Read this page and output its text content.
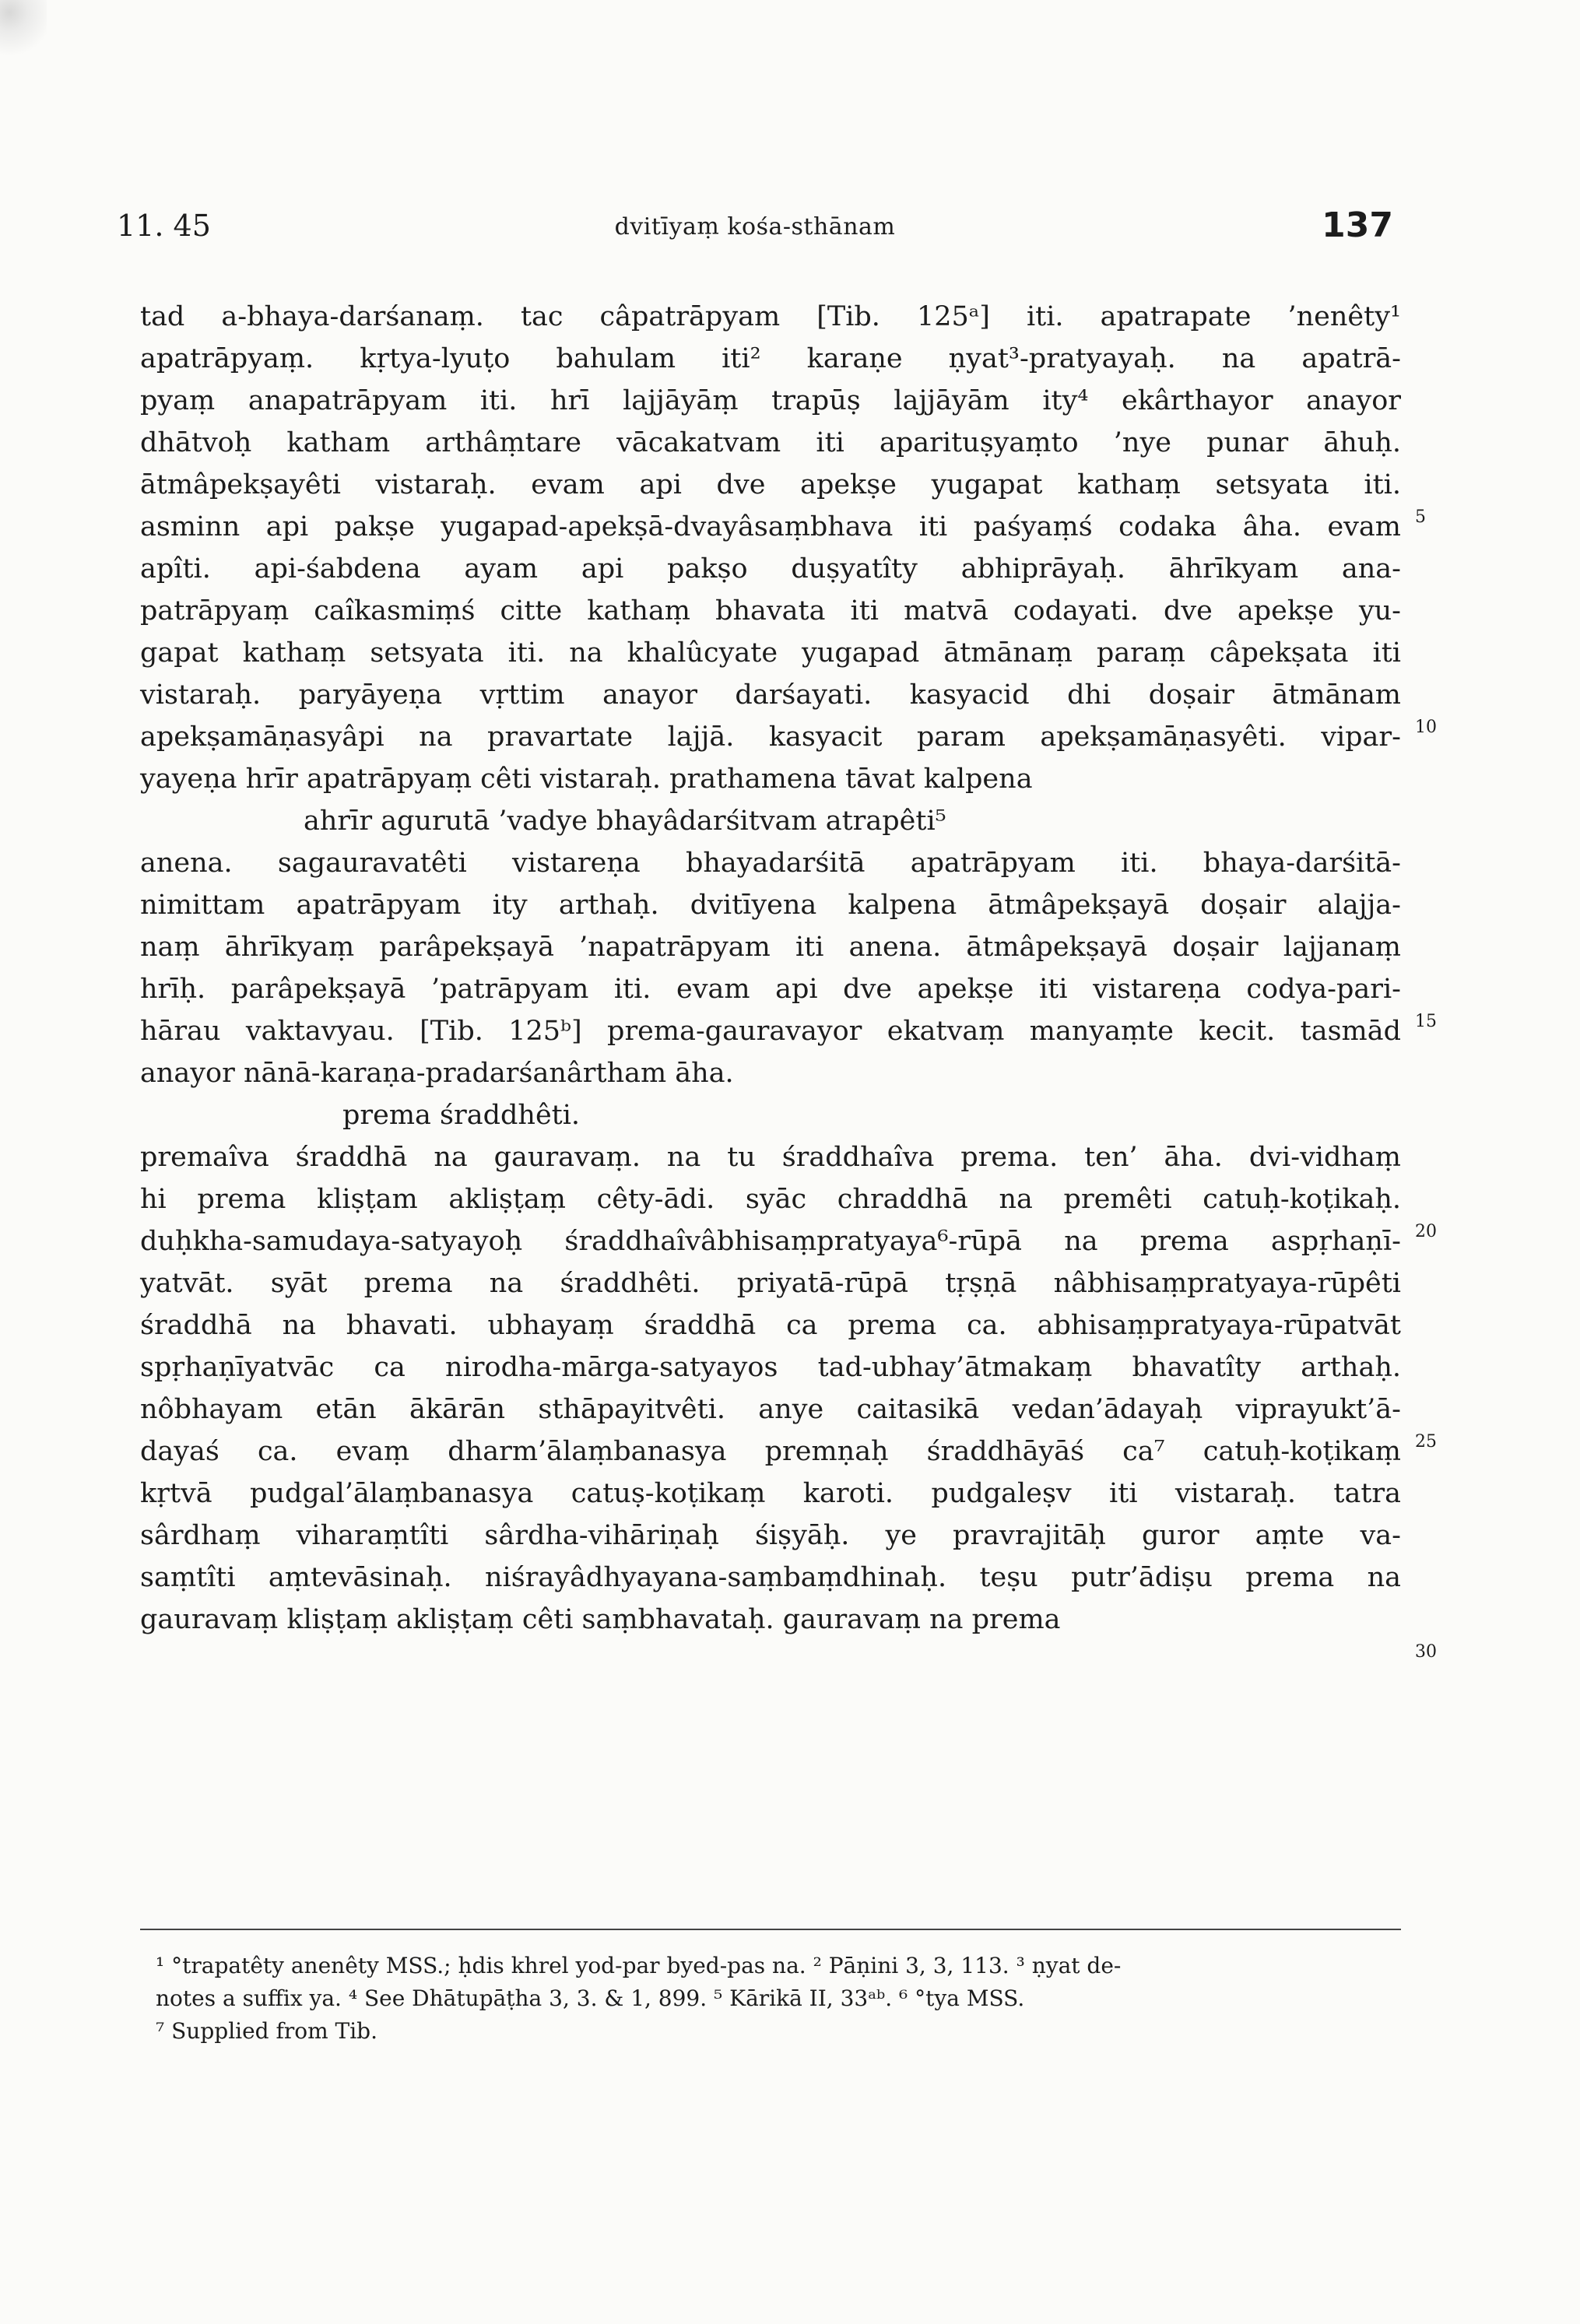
11. 45	dvitīyaṃ kośa-sthānam	137
tad a-bhaya-darśanaṃ. tac câpatrāpyam [Tib. 125ᵃ] iti. apatrapate ’nenêty¹
apatrāpyaṃ. kṛtya-lyuṭo bahulam iti² karaṇe ṇyat³-pratyayaḥ. na apatrā-
pyaṃ anapatrāpyam iti. hrī lajjāyāṃ trapūṣ lajjāyām ity⁴ ekârthayor anayor
dhātvoḥ katham arthâṃtare vācakatvam iti aparituṣyaṃto ’nye punar āhuḥ.
ātmâpekṣayêti vistaraḥ. evam api dve apekṣe yugapat kathaṃ setsyata iti.
asminn api pakṣe yugapad-apekṣā-dvayâsaṃbhava iti paśyaṃś codaka âha. evam
apîti. api-śabdena ayam api pakṣo duṣyatîty abhiprāyaḥ. āhrīkyam ana-
patrāpyaṃ caîkasmiṃś citte kathaṃ bhavata iti matvā codayati. dve apekṣe yu-
gapat kathaṃ setsyata iti. na khalûcyate yugapad ātmānaṃ paraṃ câpekṣata iti
vistaraḥ. paryāyeṇa vṛttim anayor darśayati. kasyacid dhi doṣair ātmānam
apekṣamāṇasyâpi na pravartate lajjā. kasyacit param apekṣamāṇasyêti. vipar-
yayeṇa hrīr apatrāpyaṃ cêti vistaraḥ. prathamena tāvat kalpena
ahrīr agurutā ’vadye bhayâdarśitvam atrapêti⁵
anena. sagauravatêti vistareṇa bhayadarśitā apatrāpyam iti. bhaya-darśitā-
nimittam apatrāpyam ity arthaḥ. dvitīyena kalpena ātmâpekṣayā doṣair alajja-
naṃ āhrīkyaṃ parâpekṣayā ’napatrāpyam iti anena. ātmâpekṣayā doṣair lajjanaṃ
hrīḥ. parâpekṣayā ’patrāpyam iti. evam api dve apekṣe iti vistareṇa codya-pari-
hārau vaktavyau. [Tib. 125ᵇ] prema-gauravayor ekatvaṃ manyaṃte kecit. tasmād
anayor nānā-karaṇa-pradarśanârtham āha.
prema śraddhêti.
premaîva śraddhā na gauravaṃ. na tu śraddhaîva prema. ten’ āha. dvi-vidhaṃ
hi prema kliṣṭam akliṣṭaṃ cêty-ādi. syāc chraddhā na premêti catuḥ-koṭikaḥ.
duḥkha-samudaya-satyayoḥ śraddhaîvâbhisaṃpratyaya⁶-rūpā na prema aspṛhaṇī-
yatvāt. syāt prema na śraddhêti. priyatā-rūpā tṛṣṇā nâbhisaṃpratyaya-rūpêti
śraddhā na bhavati. ubhayaṃ śraddhā ca prema ca. abhisaṃpratyaya-rūpatvāt
spṛhaṇīyatvāc ca nirodha-mārga-satyayos tad-ubhay’ātmakaṃ bhavatîty arthaḥ.
nôbhayam etān ākārān sthāpayitvêti. anye caitasikā vedan’ādayaḥ viprayukt’ā-
dayaś ca. evaṃ dharm’ālaṃbanasya premṇaḥ śraddhāyāś ca⁷ catuḥ-koṭikaṃ
kṛtvā pudgal’ālaṃbanasya catuṣ-koṭikaṃ karoti. pudgaleṣv iti vistaraḥ. tatra
sârdhaṃ viharaṃtîti sârdha-vihāriṇaḥ śiṣyāḥ. ye pravrajitāḥ guror aṃte va-
saṃtîti aṃtevāsinaḥ. niśrayâdhyayana-saṃbaṃdhinaḥ. teṣu putr’ādiṣu prema na
gauravaṃ kliṣṭaṃ akliṣṭaṃ cêti saṃbhavataḥ. gauravaṃ na prema
5
10
15
20
25
30
¹ °trapatêty anenêty MSS.; ḥdis khrel yod-par byed-pas na. ² Pāṇini 3, 3, 113. ³ ṇyat de-
notes a suffix ya. ⁴ See Dhātupāṭha 3, 3. & 1, 899. ⁵ Kārikā II, 33ᵃᵇ. ⁶ °tya MSS.
⁷ Supplied from Tib.
